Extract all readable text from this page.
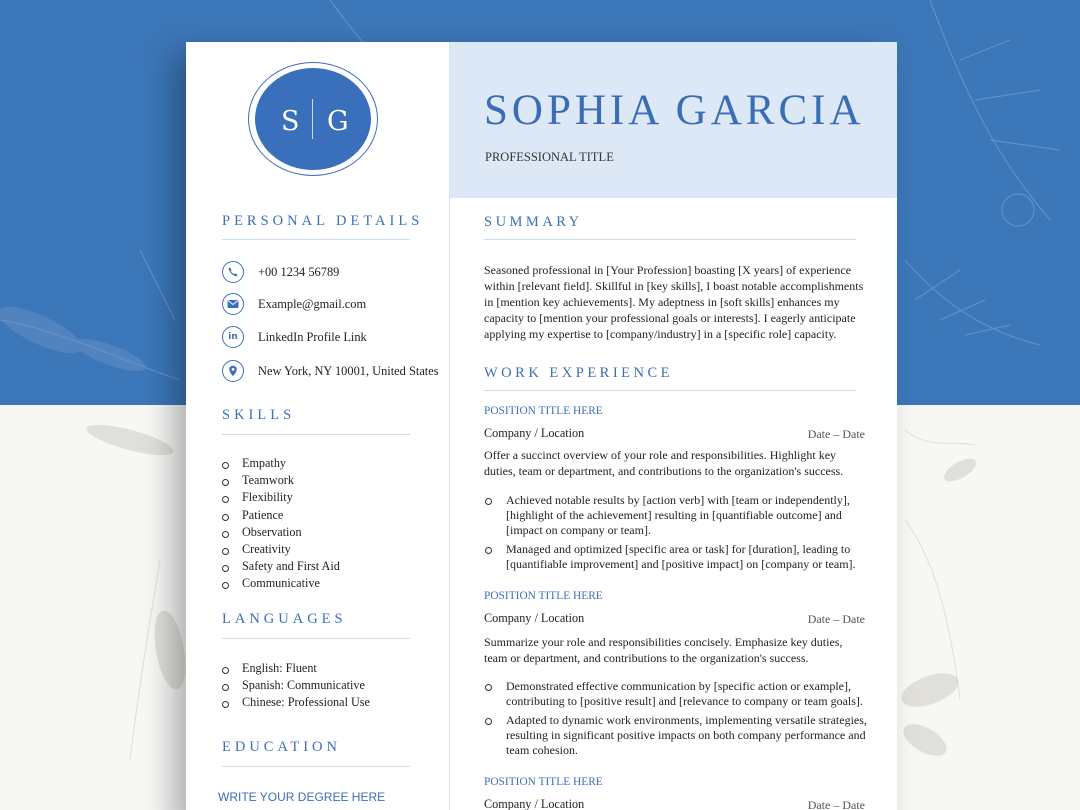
S G
PERSONAL DETAILS
+00 1234 56789
Example@gmail.com
in	LinkedIn Profile Link
New York, NY 10001, United States
SKILLS
Empathy
Teamwork
Flexibility
Patience
Observation
Creativity
Safety and First Aid
Communicative
LANGUAGES
English: Fluent
Spanish: Communicative
Chinese: Professional Use
EDUCATION
WRITE YOUR DEGREE HERE
SOPHIA GARCIA
PROFESSIONAL TITLE
SUMMARY
Seasoned professional in [Your Profession] boasting [X years] of experience within [relevant field]. Skillful in [key skills], I boast notable accomplishments in [mention key achievements]. My adeptness in [soft skills] enhances my capacity to [mention your professional goals or interests]. I eagerly anticipate applying my expertise to [company/industry] in a [specific role] capacity.
WORK EXPERIENCE
POSITION TITLE HERE
Company / Location	Date – Date
Offer a succinct overview of your role and responsibilities. Highlight key duties, team or department, and contributions to the organization's success.
Achieved notable results by [action verb] with [team or independently], [highlight of the achievement] resulting in [quantifiable outcome] and [impact on company or team].
Managed and optimized [specific area or task] for [duration], leading to [quantifiable improvement] and [positive impact] on [company or team].
POSITION TITLE HERE
Company / Location	Date – Date
Summarize your role and responsibilities concisely. Emphasize key duties, team or department, and contributions to the organization's success.
Demonstrated effective communication by [specific action or example], contributing to [positive result] and [relevance to company or team goals].
Adapted to dynamic work environments, implementing versatile strategies, resulting in significant positive impacts on both company performance and team cohesion.
POSITION TITLE HERE
Company / Location	Date – Date
